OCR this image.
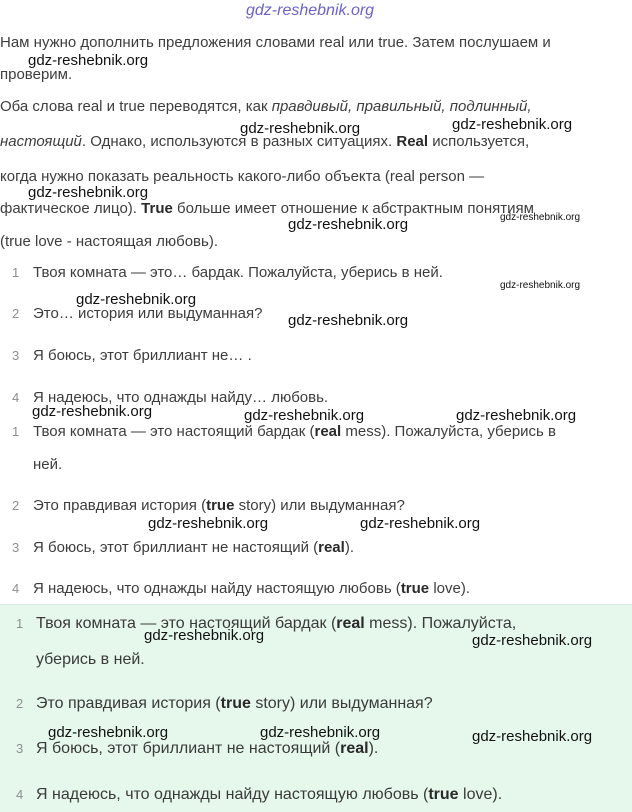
gdz-reshebnik.org
Нам нужно дополнить предложения словами real или true. Затем послушаем и
проверим.
Оба слова real и true переводятся, как правдивый, правильный, подлинный,
настоящий. Однако, используются в разных ситуациях. Real используется,
когда нужно показать реальность какого-либо объекта (real person —
фактическое лицо). True больше имеет отношение к абстрактным понятиям
(true love - настоящая любовь).
1 Твоя комната — это… бардак. Пожалуйста, уберись в ней.
2 Это… история или выдуманная?
3 Я боюсь, этот бриллиант не… .
4 Я надеюсь, что однажды найду… любовь.
1 Твоя комната — это настоящий бардак (real mess). Пожалуйста, уберись в
ней.
2 Это правдивая история (true story) или выдуманная?
3 Я боюсь, этот бриллиант не настоящий (real).
4 Я надеюсь, что однажды найду настоящую любовь (true love).
1 Твоя комната — это настоящий бардак (real mess). Пожалуйста,
уберись в ней.
2 Это правдивая история (true story) или выдуманная?
3 Я боюсь, этот бриллиант не настоящий (real).
4 Я надеюсь, что однажды найду настоящую любовь (true love).
gdz-reshebnik.org
gdz-reshebnik.org	gdz-reshebnik.org
gdz-reshebnik.org
gdz-reshebnik.org	gdz-reshebnik.org
gdz-reshebnik.org
gdz-reshebnik.org
gdz-reshebnik.org
gdz-reshebnik.org	gdz-reshebnik.org	gdz-reshebnik.org
gdz-reshebnik.org	gdz-reshebnik.org
gdz-reshebnik.org	gdz-reshebnik.org
gdz-reshebnik.org	gdz-reshebnik.org	gdz-reshebnik.org
